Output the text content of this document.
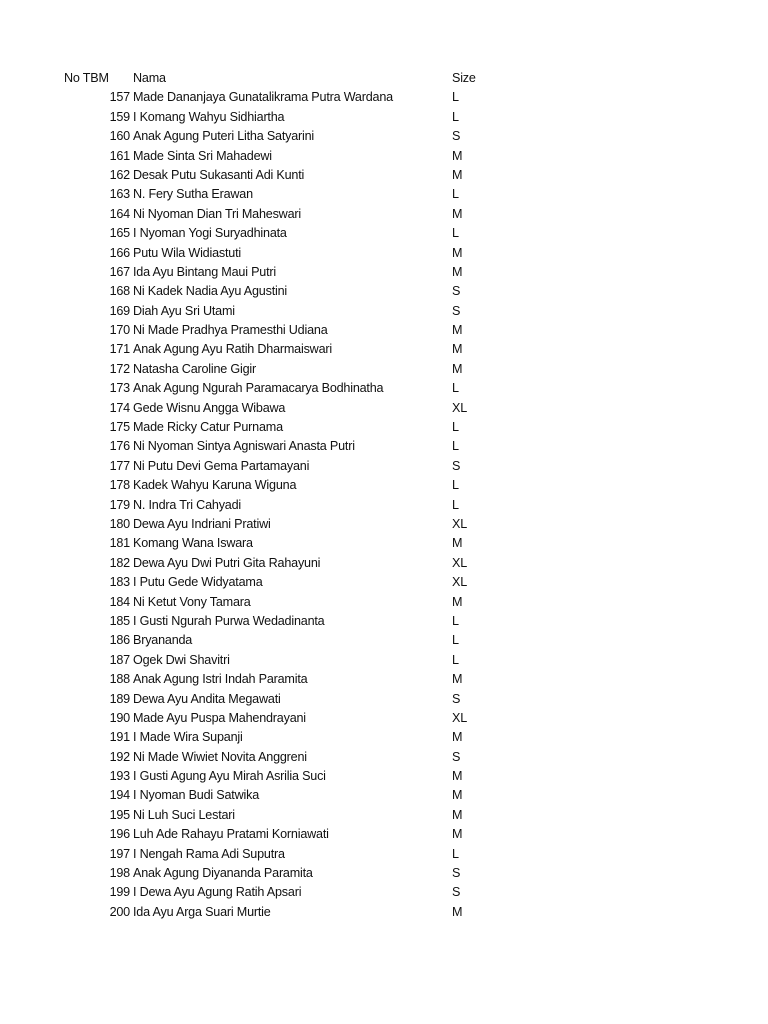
No TBM Nama	Size
157 Made Dananjaya Gunatalikrama Putra Wardana	L
159 I Komang Wahyu Sidhiartha	L
160 Anak Agung Puteri Litha Satyarini	S
161 Made Sinta Sri Mahadewi	M
162 Desak Putu Sukasanti Adi Kunti	M
163 N. Fery Sutha Erawan	L
164 Ni Nyoman Dian Tri Maheswari	M
165 I Nyoman Yogi Suryadhinata	L
166 Putu Wila Widiastuti	M
167 Ida Ayu Bintang Maui Putri	M
168 Ni Kadek Nadia Ayu Agustini	S
169 Diah Ayu Sri Utami	S
170 Ni Made Pradhya Pramesthi Udiana	M
171 Anak Agung Ayu Ratih Dharmaiswari	M
172 Natasha Caroline Gigir	M
173 Anak Agung Ngurah Paramacarya Bodhinatha	L
174 Gede Wisnu Angga Wibawa	XL
175 Made Ricky Catur Purnama	L
176 Ni Nyoman Sintya Agniswari Anasta Putri	L
177 Ni Putu Devi Gema Partamayani	S
178 Kadek Wahyu Karuna Wiguna	L
179 N. Indra Tri Cahyadi	L
180 Dewa Ayu Indriani Pratiwi	XL
181 Komang Wana Iswara	M
182 Dewa Ayu Dwi Putri Gita Rahayuni	XL
183 I Putu Gede Widyatama	XL
184 Ni Ketut Vony Tamara	M
185 I Gusti Ngurah Purwa Wedadinanta	L
186 Bryananda	L
187 Ogek Dwi Shavitri	L
188 Anak Agung Istri Indah Paramita	M
189 Dewa Ayu Andita Megawati	S
190 Made Ayu Puspa Mahendrayani	XL
191 I Made Wira Supanji	M
192 Ni Made Wiwiet Novita Anggreni	S
193 I Gusti Agung Ayu Mirah Asrilia Suci	M
194 I Nyoman Budi Satwika	M
195 Ni Luh Suci Lestari	M
196 Luh Ade Rahayu Pratami Korniawati	M
197 I Nengah Rama Adi Suputra	L
198 Anak Agung Diyananda Paramita	S
199 I Dewa Ayu Agung Ratih Apsari	S
200 Ida Ayu Arga Suari Murtie	M
